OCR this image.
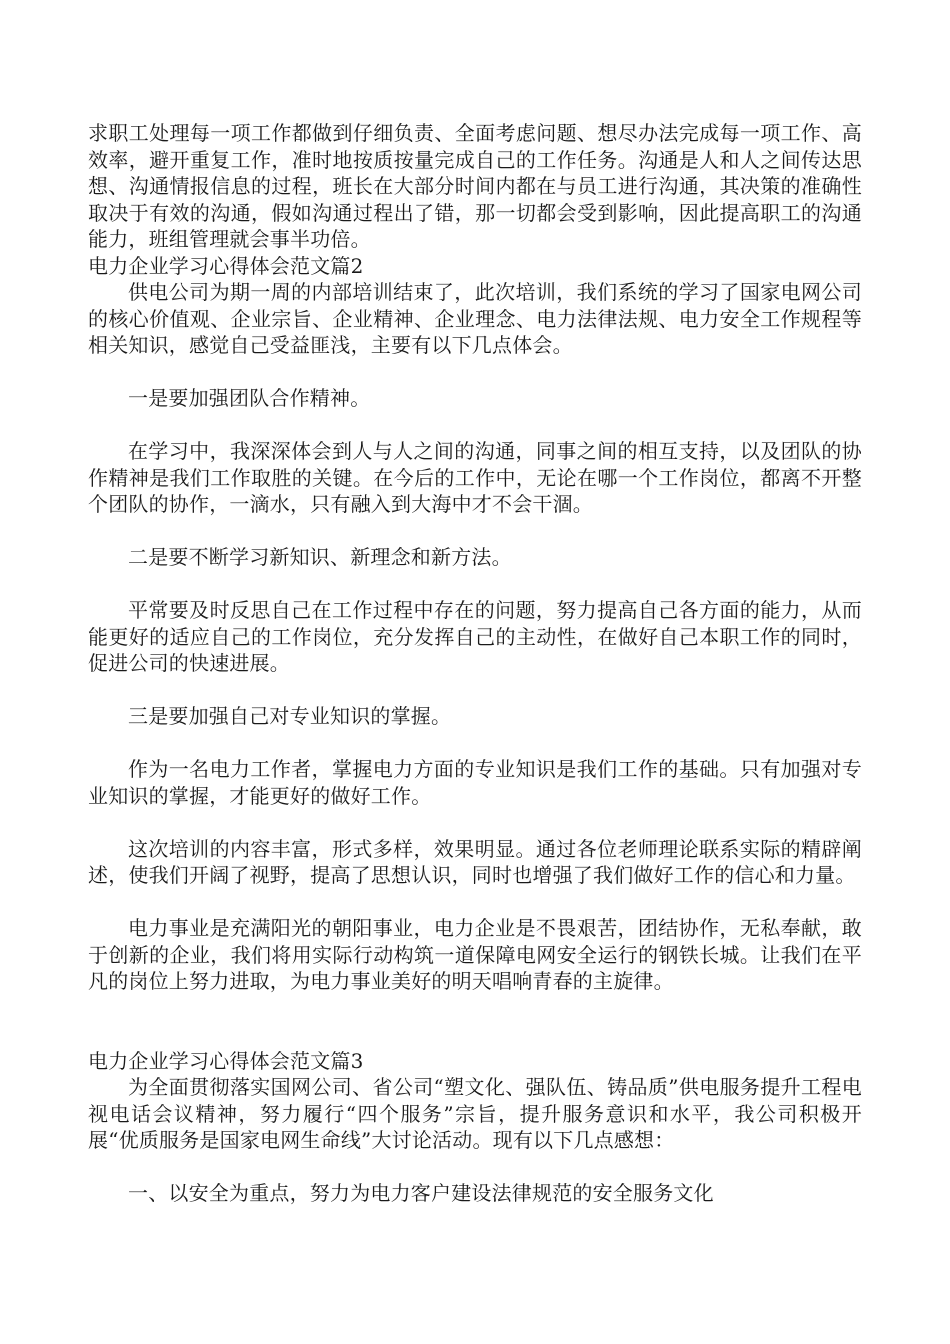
求职工处理每一项工作都做到仔细负责、全面考虑问题、想尽办法完成每一项工作、高效率，避开重复工作，准时地按质按量完成自己的工作任务。沟通是人和人之间传达思想、沟通情报信息的过程，班长在大部分时间内都在与员工进行沟通，其决策的准确性取决于有效的沟通，假如沟通过程出了错，那一切都会受到影响，因此提高职工的沟通能力，班组管理就会事半功倍。

电力企业学习心得体会范文篇2

供电公司为期一周的内部培训结束了，此次培训，我们系统的学习了国家电网公司的核心价值观、企业宗旨、企业精神、企业理念、电力法律法规、电力安全工作规程等相关知识，感觉自己受益匪浅，主要有以下几点体会。

一是要加强团队合作精神。

在学习中，我深深体会到人与人之间的沟通，同事之间的相互支持，以及团队的协作精神是我们工作取胜的关键。在今后的工作中，无论在哪一个工作岗位，都离不开整个团队的协作，一滴水，只有融入到大海中才不会干涸。

二是要不断学习新知识、新理念和新方法。

平常要及时反思自己在工作过程中存在的问题，努力提高自己各方面的能力，从而能更好的适应自己的工作岗位，充分发挥自己的主动性，在做好自己本职工作的同时，促进公司的快速进展。

三是要加强自己对专业知识的掌握。

作为一名电力工作者，掌握电力方面的专业知识是我们工作的基础。只有加强对专业知识的掌握，才能更好的做好工作。

这次培训的内容丰富，形式多样，效果明显。通过各位老师理论联系实际的精辟阐述，使我们开阔了视野，提高了思想认识，同时也增强了我们做好工作的信心和力量。

电力事业是充满阳光的朝阳事业，电力企业是不畏艰苦，团结协作，无私奉献，敢于创新的企业，我们将用实际行动构筑一道保障电网安全运行的钢铁长城。让我们在平凡的岗位上努力进取，为电力事业美好的明天唱响青春的主旋律。

电力企业学习心得体会范文篇3

为全面贯彻落实国网公司、省公司“塑文化、强队伍、铸品质”供电服务提升工程电视电话会议精神，努力履行“四个服务”宗旨，提升服务意识和水平，我公司积极开展“优质服务是国家电网生命线”大讨论活动。现有以下几点感想：

一、以安全为重点，努力为电力客户建设法律规范的安全服务文化
